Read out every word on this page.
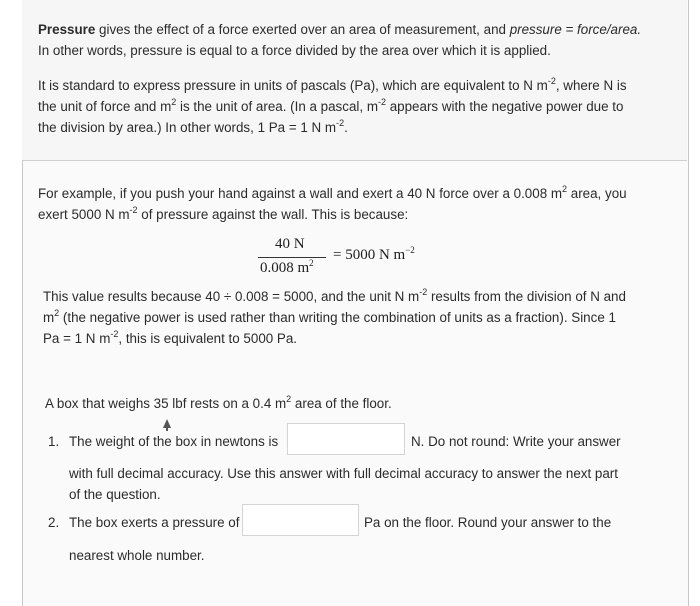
Pressure gives the effect of a force exerted over an area of measurement, and pressure = force/area.
In other words, pressure is equal to a force divided by the area over which it is applied.

It is standard to express pressure in units of pascals (Pa), which are equivalent to N $m^{-2}$, where N is
the unit of force and $m^2$ is the unit of area. (In a pascal, $m^{-2}$ appears with the negative power due to
the division by area.) In other words, 1 Pa = 1 N $m^{-2}$.

For example, if you push your hand against a wall and exert a 40 N force over a 0.008 $m^2$ area, you
exert 5000 N $m^{-2}$ of pressure against the wall. This is because:

40 N
0.008 $m^2 = 5000$ N $m^{-2}$

This value results because 40 ÷ 0.008 = 5000, and the unit N $m^{-2}$ results from the division of N and
$m^2$ (the negative power is used rather than writing the combination of units as a fraction). Since 1
Pa = 1 N $m^{-2}$, this is equivalent to 5000 Pa.

A box that weighs 35 lbf rests on a 0.4 $m^2$ area of the floor.

1. The weight of the box in newtons is	N. Do not round: Write your answer

with full decimal accuracy. Use this answer with full decimal accuracy to answer the next part
of the question.

2. The box exerts a pressure of	Pa on the floor. Round your answer to the
nearest whole number.
